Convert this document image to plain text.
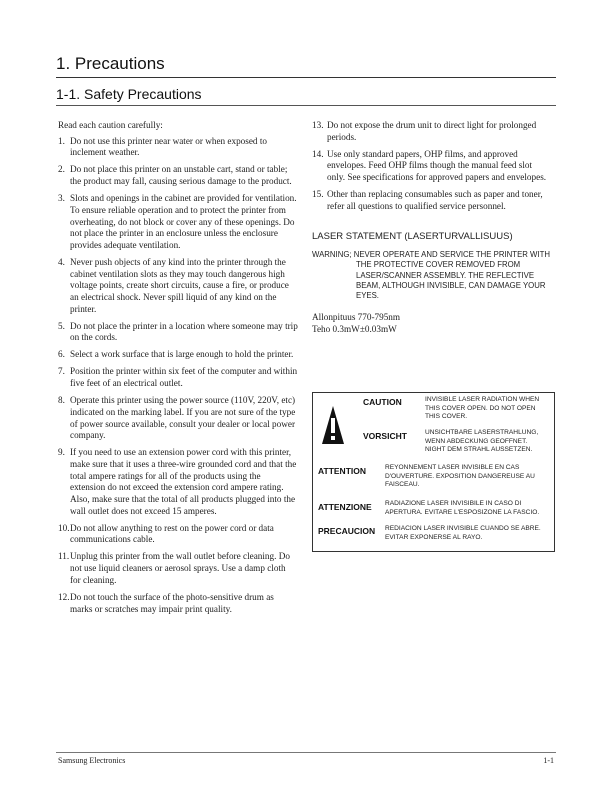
1. Precautions
1-1. Safety Precautions

Read each caution carefully:

1. Do not use this printer near water or when exposed to inclement weather.
2. Do not place this printer on an unstable cart, stand or table; the product may fall, causing serious damage to the product.
3. Slots and openings in the cabinet are provided for ventilation. To ensure reliable operation and to protect the printer from overheating, do not block or cover any of these openings. Do not place the printer in an enclosure unless the enclosure provides adequate ventilation.
4. Never push objects of any kind into the printer through the cabinet ventilation slots as they may touch dangerous high voltage points, create short circuits, cause a fire, or produce an electrical shock. Never spill liquid of any kind on the printer.
5. Do not place the printer in a location where someone may trip on the cords.
6. Select a work surface that is large enough to hold the printer.
7. Position the printer within six feet of the computer and within five feet of an electrical outlet.
8. Operate this printer using the power source (110V, 220V, etc) indicated on the marking label. If you are not sure of the type of power source available, consult your dealer or local power company.
9. If you need to use an extension power cord with this printer, make sure that it uses a three-wire grounded cord and that the total ampere ratings for all of the products using the extension do not exceed the extension cord ampere rating. Also, make sure that the total of all products plugged into the wall outlet does not exceed 15 amperes.
10. Do not allow anything to rest on the power cord or data communications cable.
11. Unplug this printer from the wall outlet before cleaning. Do not use liquid cleaners or aerosol sprays. Use a damp cloth for cleaning.
12. Do not touch the surface of the photo-sensitive drum as marks or scratches may impair print quality.
13. Do not expose the drum unit to direct light for prolonged periods.
14. Use only standard papers, OHP films, and approved envelopes. Feed OHP films though the manual feed slot only. See specifications for approved papers and envelopes.
15. Other than replacing consumables such as paper and toner, refer all questions to qualified service personnel.

LASER STATEMENT (LASERTURVALLISUUS)

WARNING; NEVER OPERATE AND SERVICE THE PRINTER WITH THE PROTECTIVE COVER REMOVED FROM LASER/SCANNER ASSEMBLY. THE REFLECTIVE BEAM, ALTHOUGH INVISIBLE, CAN DAMAGE YOUR EYES.

Allonpituus 770-795nm

Teho 0.3mW±0.03mW

CAUTION	INVISIBLE LASER RADIATION WHEN THIS COVER OPEN. DO NOT OPEN THIS COVER.
VORSICHT	UNSICHTBARE LASERSTRAHLUNG, WENN ABDECKUNG GEOFFNET. NIGHT DEM STRAHL AUSSETZEN.
ATTENTION	REYONNEMENT LASER INVISIBLE EN CAS D'OUVERTURE. EXPOSITION DANGEREUSE AU FAISCEAU.
ATTENZIONE RADIAZIONE LASER INVISIBILE IN CASO DI APERTURA. EVITARE L'ESPOSIZONE LA FASCIO.
PRECAUCION REDIACION LASER INVISIBLE CUANDO SE ABRE. EVITAR EXPONERSE AL RAYO.
Samsung Electronics	1-1
